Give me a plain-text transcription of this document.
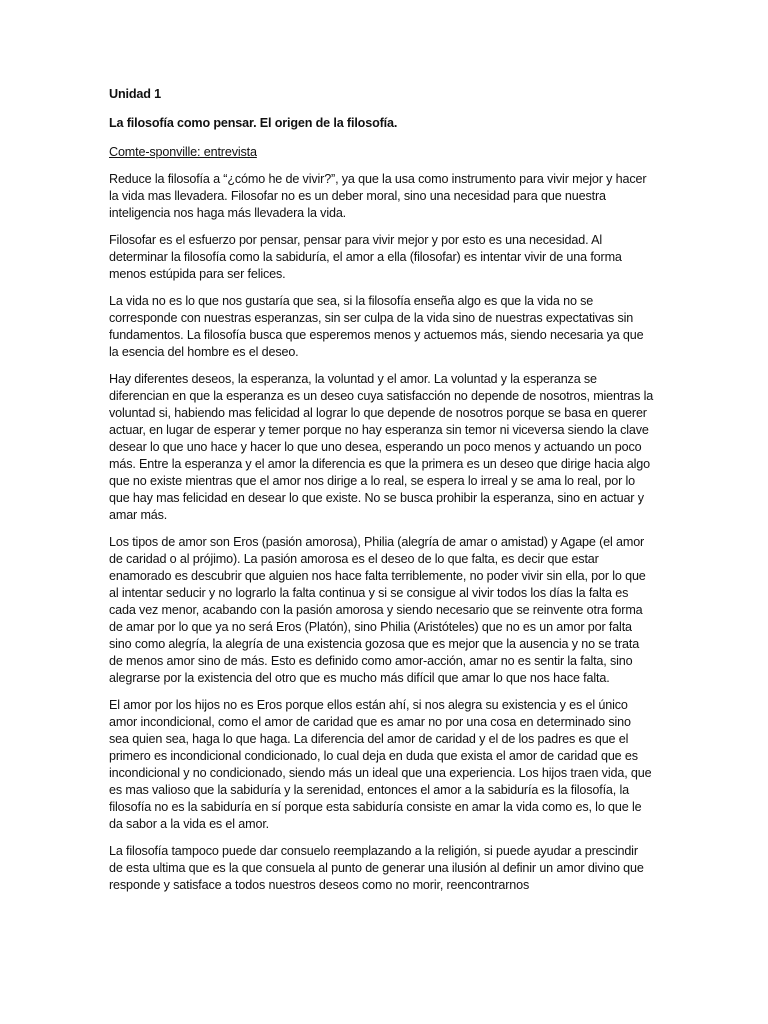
Unidad 1
La filosofía como pensar. El origen de la filosofía.
Comte-sponville: entrevista

Reduce la filosofía a “¿cómo he de vivir?”, ya que la usa como instrumento para vivir mejor y hacer la vida mas llevadera. Filosofar no es un deber moral, sino una necesidad para que nuestra inteligencia nos haga más llevadera la vida.

Filosofar es el esfuerzo por pensar, pensar para vivir mejor y por esto es una necesidad. Al determinar la filosofía como la sabiduría, el amor a ella (filosofar) es intentar vivir de una forma menos estúpida para ser felices.

La vida no es lo que nos gustaría que sea, si la filosofía enseña algo es que la vida no se corresponde con nuestras esperanzas, sin ser culpa de la vida sino de nuestras expectativas sin fundamentos. La filosofía busca que esperemos menos y actuemos más, siendo necesaria ya que la esencia del hombre es el deseo.

Hay diferentes deseos, la esperanza, la voluntad y el amor. La voluntad y la esperanza se diferencian en que la esperanza es un deseo cuya satisfacción no depende de nosotros, mientras la voluntad si, habiendo mas felicidad al lograr lo que depende de nosotros porque se basa en querer actuar, en lugar de esperar y temer porque no hay esperanza sin temor ni viceversa siendo la clave desear lo que uno hace y hacer lo que uno desea, esperando un poco menos y actuando un poco más. Entre la esperanza y el amor la diferencia es que la primera es un deseo que dirige hacia algo que no existe mientras que el amor nos dirige a lo real, se espera lo irreal y se ama lo real, por lo que hay mas felicidad en desear lo que existe. No se busca prohibir la esperanza, sino en actuar y amar más.

Los tipos de amor son Eros (pasión amorosa), Philia (alegría de amar o amistad) y Agape (el amor de caridad o al prójimo). La pasión amorosa es el deseo de lo que falta, es decir que estar enamorado es descubrir que alguien nos hace falta terriblemente, no poder vivir sin ella, por lo que al intentar seducir y no lograrlo la falta continua y si se consigue al vivir todos los días la falta es cada vez menor, acabando con la pasión amorosa y siendo necesario que se reinvente otra forma de amar por lo que ya no será Eros (Platón), sino Philia (Aristóteles) que no es un amor por falta sino como alegría, la alegría de una existencia gozosa que es mejor que la ausencia y no se trata de menos amor sino de más. Esto es definido como amor-acción, amar no es sentir la falta, sino alegrarse por la existencia del otro que es mucho más difícil que amar lo que nos hace falta.

El amor por los hijos no es Eros porque ellos están ahí, si nos alegra su existencia y es el único amor incondicional, como el amor de caridad que es amar no por una cosa en determinado sino sea quien sea, haga lo que haga. La diferencia del amor de caridad y el de los padres es que el primero es incondicional condicionado, lo cual deja en duda que exista el amor de caridad que es incondicional y no condicionado, siendo más un ideal que una experiencia. Los hijos traen vida, que es mas valioso que la sabiduría y la serenidad, entonces el amor a la sabiduría es la filosofía, la filosofía no es la sabiduría en sí porque esta sabiduría consiste en amar la vida como es, lo que le da sabor a la vida es el amor.

La filosofía tampoco puede dar consuelo reemplazando a la religión, si puede ayudar a prescindir de esta ultima que es la que consuela al punto de generar una ilusión al definir un amor divino que responde y satisface a todos nuestros deseos como no morir, reencontrarnos
